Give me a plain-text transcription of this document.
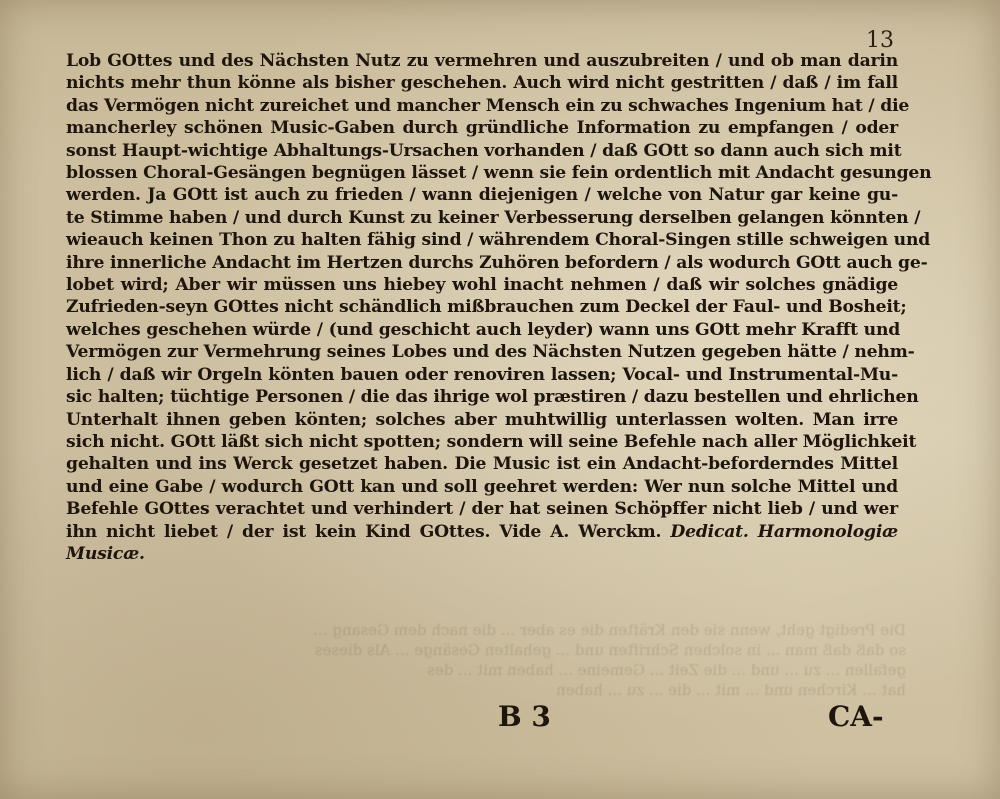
13
Lob GOttes und des Nächsten Nutz zu vermehren und auszubreiten / und ob man darin
nichts mehr thun könne als bisher geschehen. Auch wird nicht gestritten / daß / im fall
das Vermögen nicht zureichet und mancher Mensch ein zu schwaches Ingenium hat / die
mancherley schönen Music-Gaben durch gründliche Information zu empfangen / oder
sonst Haupt-wichtige Abhaltungs-Ursachen vorhanden / daß GOtt so dann auch sich mit
blossen Choral-Gesängen begnügen lässet / wenn sie fein ordentlich mit Andacht gesungen
werden. Ja GOtt ist auch zu frieden / wann diejenigen / welche von Natur gar keine gu-
te Stimme haben / und durch Kunst zu keiner Verbesserung derselben gelangen könnten /
wieauch keinen Thon zu halten fähig sind / währendem Choral-Singen stille schweigen und
ihre innerliche Andacht im Hertzen durchs Zuhören befordern / als wodurch GOtt auch ge-
lobet wird; Aber wir müssen uns hiebey wohl inacht nehmen / daß wir solches gnädige
Zufrieden-seyn GOttes nicht schändlich mißbrauchen zum Deckel der Faul- und Bosheit;
welches geschehen würde / (und geschicht auch leyder) wann uns GOtt mehr Krafft und
Vermögen zur Vermehrung seines Lobes und des Nächsten Nutzen gegeben hätte / nehm-
lich / daß wir Orgeln könten bauen oder renoviren lassen; Vocal- und Instrumental-Mu-
sic halten; tüchtige Personen / die das ihrige wol præstiren / dazu bestellen und ehrlichen
Unterhalt ihnen geben könten; solches aber muhtwillig unterlassen wolten. Man irre
sich nicht. GOtt läßt sich nicht spotten; sondern will seine Befehle nach aller Möglichkeit
gehalten und ins Werck gesetzet haben. Die Music ist ein Andacht-beforderndes Mittel
und eine Gabe / wodurch GOtt kan und soll geehret werden: Wer nun solche Mittel und
Befehle GOttes verachtet und verhindert / der hat seinen Schöpffer nicht lieb / und wer
ihn nicht liebet / der ist kein Kind GOttes. Vide A. Werckm. Dedicat. Harmonologiæ
Musicæ.
Die Predigt geht, wenn sie den Kräften die es aber ... die nach dem Gesang ...
so daß daß man ... in solchen Schriften und ... gehalten Gesänge ... Als dieses
gefallen ... zu ... und ... die Zeit ... Gemeine ... haben mit ... des
hat ... Kirchen und ... mit ... die ... zu ... haben
B 3	CA-
